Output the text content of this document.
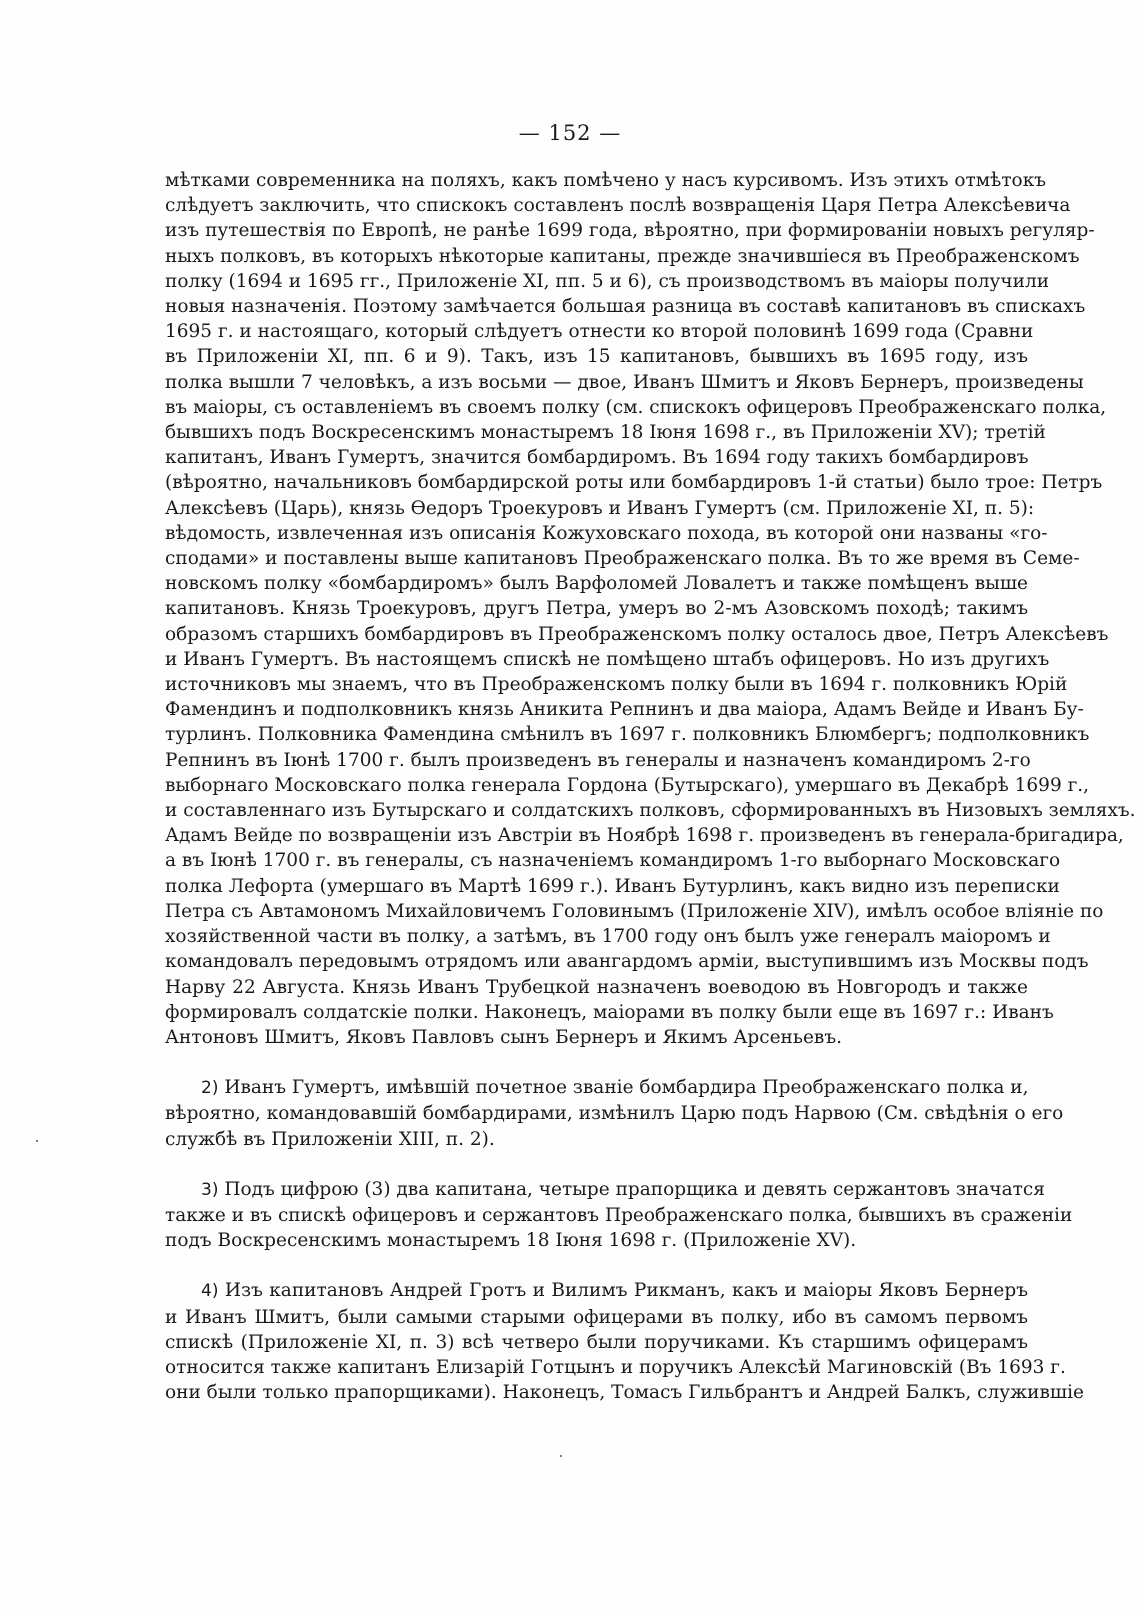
— 152 —

мѣтками современника на поляхъ, какъ помѣчено у насъ курсивомъ. Изъ этихъ отмѣтокъ
слѣдуетъ заключить, что спискокъ составленъ послѣ возвращенія Царя Петра Алексѣевича
изъ путешествія по Европѣ, не ранѣе 1699 года, вѣроятно, при формированіи новыхъ регуляр-
ныхъ полковъ, въ которыхъ нѣкоторые капитаны, прежде значившіеся въ Преображенскомъ
полку (1694 и 1695 гг., Приложеніе XI, пп. 5 и 6), съ производствомъ въ маіоры получили
новыя назначенія. Поэтому замѣчается большая разница въ составѣ капитановъ въ спискахъ
1695 г. и настоящаго, который слѣдуетъ отнести ко второй половинѣ 1699 года (Сравни
въ Приложеніи XI, пп. 6 и 9). Такъ, изъ 15 капитановъ, бывшихъ въ 1695 году, изъ
полка вышли 7 человѣкъ, а изъ восьми — двое, Иванъ Шмитъ и Яковъ Бернеръ, произведены
въ маіоры, съ оставленіемъ въ своемъ полку (см. спискокъ офицеровъ Преображенскаго полка,
бывшихъ подъ Воскресенскимъ монастыремъ 18 Іюня 1698 г., въ Приложеніи XV); третій
капитанъ, Иванъ Гумертъ, значится бомбардиромъ. Въ 1694 году такихъ бомбардировъ
(вѣроятно, начальниковъ бомбардирской роты или бомбардировъ 1-й статьи) было трое: Петръ
Алексѣевъ (Царь), князь Ѳедоръ Троекуровъ и Иванъ Гумертъ (см. Приложеніе XI, п. 5):
вѣдомость, извлеченная изъ описанія Кожуховскаго похода, въ которой они названы «го-
сподами» и поставлены выше капитановъ Преображенскаго полка. Въ то же время въ Семе-
новскомъ полку «бомбардиромъ» былъ Варфоломей Ловалетъ и также помѣщенъ выше
капитановъ. Князь Троекуровъ, другъ Петра, умеръ во 2-мъ Азовскомъ походѣ; такимъ
образомъ старшихъ бомбардировъ въ Преображенскомъ полку осталось двое, Петръ Алексѣевъ
и Иванъ Гумертъ. Въ настоящемъ спискѣ не помѣщено штабъ офицеровъ. Но изъ другихъ
источниковъ мы знаемъ, что въ Преображенскомъ полку были въ 1694 г. полковникъ Юрій
Фамендинъ и подполковникъ князь Аникита Репнинъ и два маіора, Адамъ Вейде и Иванъ Бу-
турлинъ. Полковника Фамендина смѣнилъ въ 1697 г. полковникъ Блюмбергъ; подполковникъ
Репнинъ въ Іюнѣ 1700 г. былъ произведенъ въ генералы и назначенъ командиромъ 2-го
выборнаго Московскаго полка генерала Гордона (Бутырскаго), умершаго въ Декабрѣ 1699 г.,
и составленнаго изъ Бутырскаго и солдатскихъ полковъ, сформированныхъ въ Низовыхъ земляхъ.
Адамъ Вейде по возвращеніи изъ Австріи въ Ноябрѣ 1698 г. произведенъ въ генерала-бригадира,
а въ Іюнѣ 1700 г. въ генералы, съ назначеніемъ командиромъ 1-го выборнаго Московскаго
полка Лефорта (умершаго въ Мартѣ 1699 г.). Иванъ Бутурлинъ, какъ видно изъ переписки
Петра съ Автамономъ Михайловичемъ Головинымъ (Приложеніе XIV), имѣлъ особое вліяніе по
хозяйственной части въ полку, а затѣмъ, въ 1700 году онъ былъ уже генералъ маіоромъ и
командовалъ передовымъ отрядомъ или авангардомъ арміи, выступившимъ изъ Москвы подъ
Нарву 22 Августа. Князь Иванъ Трубецкой назначенъ воеводою въ Новгородъ и также
формировалъ солдатскіе полки. Наконецъ, маіорами въ полку были еще въ 1697 г.: Иванъ
Антоновъ Шмитъ, Яковъ Павловъ сынъ Бернеръ и Якимъ Арсеньевъ.

2) Иванъ Гумертъ, имѣвшій почетное званіе бомбардира Преображенскаго полка и,
вѣроятно, командовавшій бомбардирами, измѣнилъ Царю подъ Нарвою (См. свѣдѣнія о его
службѣ въ Приложеніи XIII, п. 2).

3) Подъ цифрою (3) два капитана, четыре прапорщика и девять сержантовъ значатся
также и въ спискѣ офицеровъ и сержантовъ Преображенскаго полка, бывшихъ въ сраженіи
подъ Воскресенскимъ монастыремъ 18 Іюня 1698 г. (Приложеніе XV).

4) Изъ капитановъ Андрей Гротъ и Вилимъ Рикманъ, какъ и маіоры Яковъ Бернеръ
и Иванъ Шмитъ, были самыми старыми офицерами въ полку, ибо въ самомъ первомъ
спискѣ (Приложеніе XI, п. 3) всѣ четверо были поручиками. Къ старшимъ офицерамъ
относится также капитанъ Елизарій Готцынъ и поручикъ Алексѣй Магиновскій (Въ 1693 г.
они были только прапорщиками). Наконецъ, Томасъ Гильбрантъ и Андрей Балкъ, служившіе
